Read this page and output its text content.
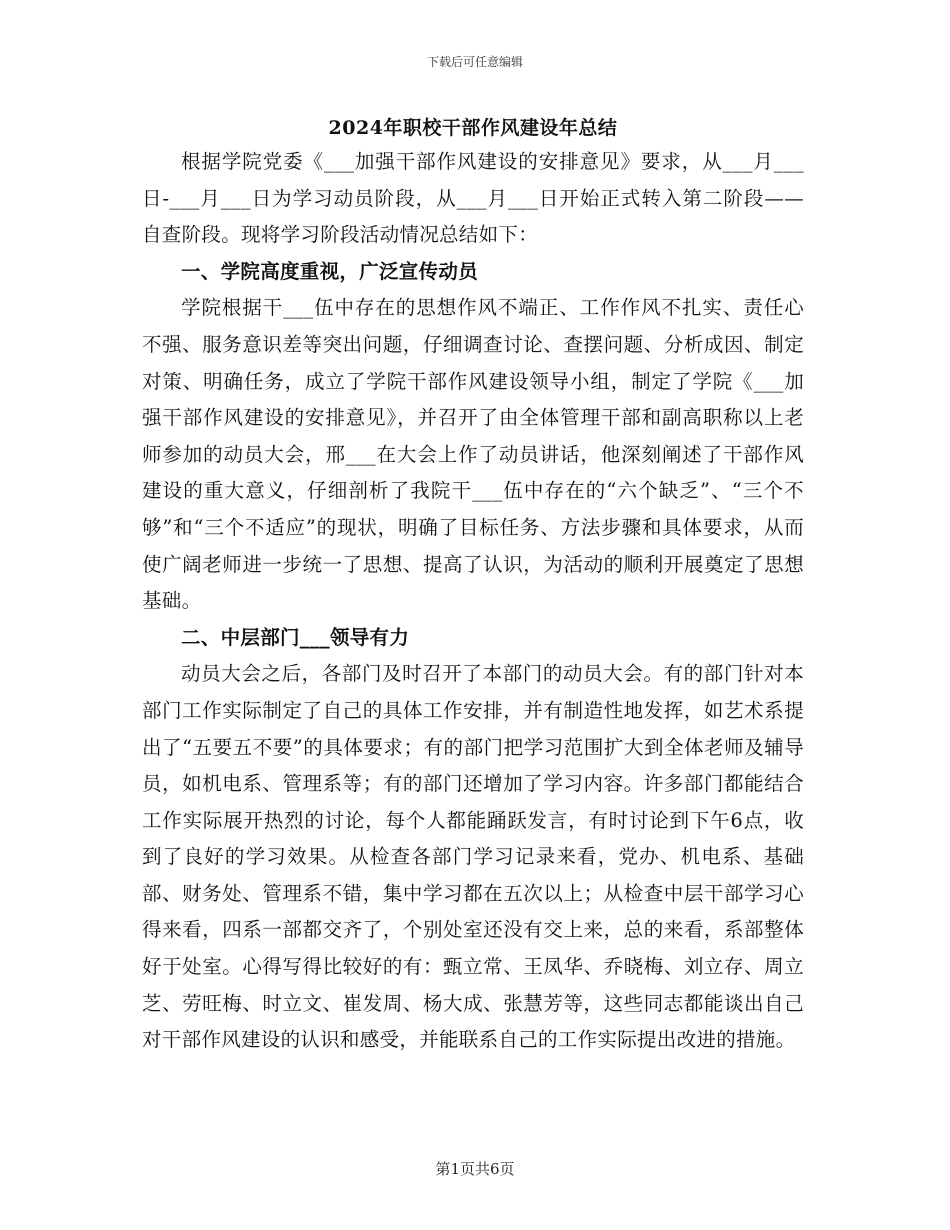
下载后可任意编辑
2024年职校干部作风建设年总结

根据学院党委《___加强干部作风建设的安排意见》要求，从___月___日-___月___日为学习动员阶段，从___月___日开始正式转入第二阶段——自查阶段。现将学习阶段活动情况总结如下：

一、学院高度重视，广泛宣传动员

学院根据干___伍中存在的思想作风不端正、工作作风不扎实、责任心不强、服务意识差等突出问题，仔细调查讨论、查摆问题、分析成因、制定对策、明确任务，成立了学院干部作风建设领导小组，制定了学院《___加强干部作风建设的安排意见》，并召开了由全体管理干部和副高职称以上老师参加的动员大会，邢___在大会上作了动员讲话，他深刻阐述了干部作风建设的重大意义，仔细剖析了我院干___伍中存在的“六个缺乏”、“三个不够”和“三个不适应”的现状，明确了目标任务、方法步骤和具体要求，从而使广阔老师进一步统一了思想、提高了认识，为活动的顺利开展奠定了思想基础。

二、中层部门___领导有力

动员大会之后，各部门及时召开了本部门的动员大会。有的部门针对本部门工作实际制定了自己的具体工作安排，并有制造性地发挥，如艺术系提出了“五要五不要”的具体要求；有的部门把学习范围扩大到全体老师及辅导员，如机电系、管理系等；有的部门还增加了学习内容。许多部门都能结合工作实际展开热烈的讨论，每个人都能踊跃发言，有时讨论到下午6点，收到了良好的学习效果。从检查各部门学习记录来看，党办、机电系、基础部、财务处、管理系不错，集中学习都在五次以上；从检查中层干部学习心得来看，四系一部都交齐了，个别处室还没有交上来，总的来看，系部整体好于处室。心得写得比较好的有：甄立常、王凤华、乔晓梅、刘立存、周立芝、劳旺梅、时立文、崔发周、杨大成、张慧芳等，这些同志都能谈出自己对干部作风建设的认识和感受，并能联系自己的工作实际提出改进的措施。

第1页共6页
